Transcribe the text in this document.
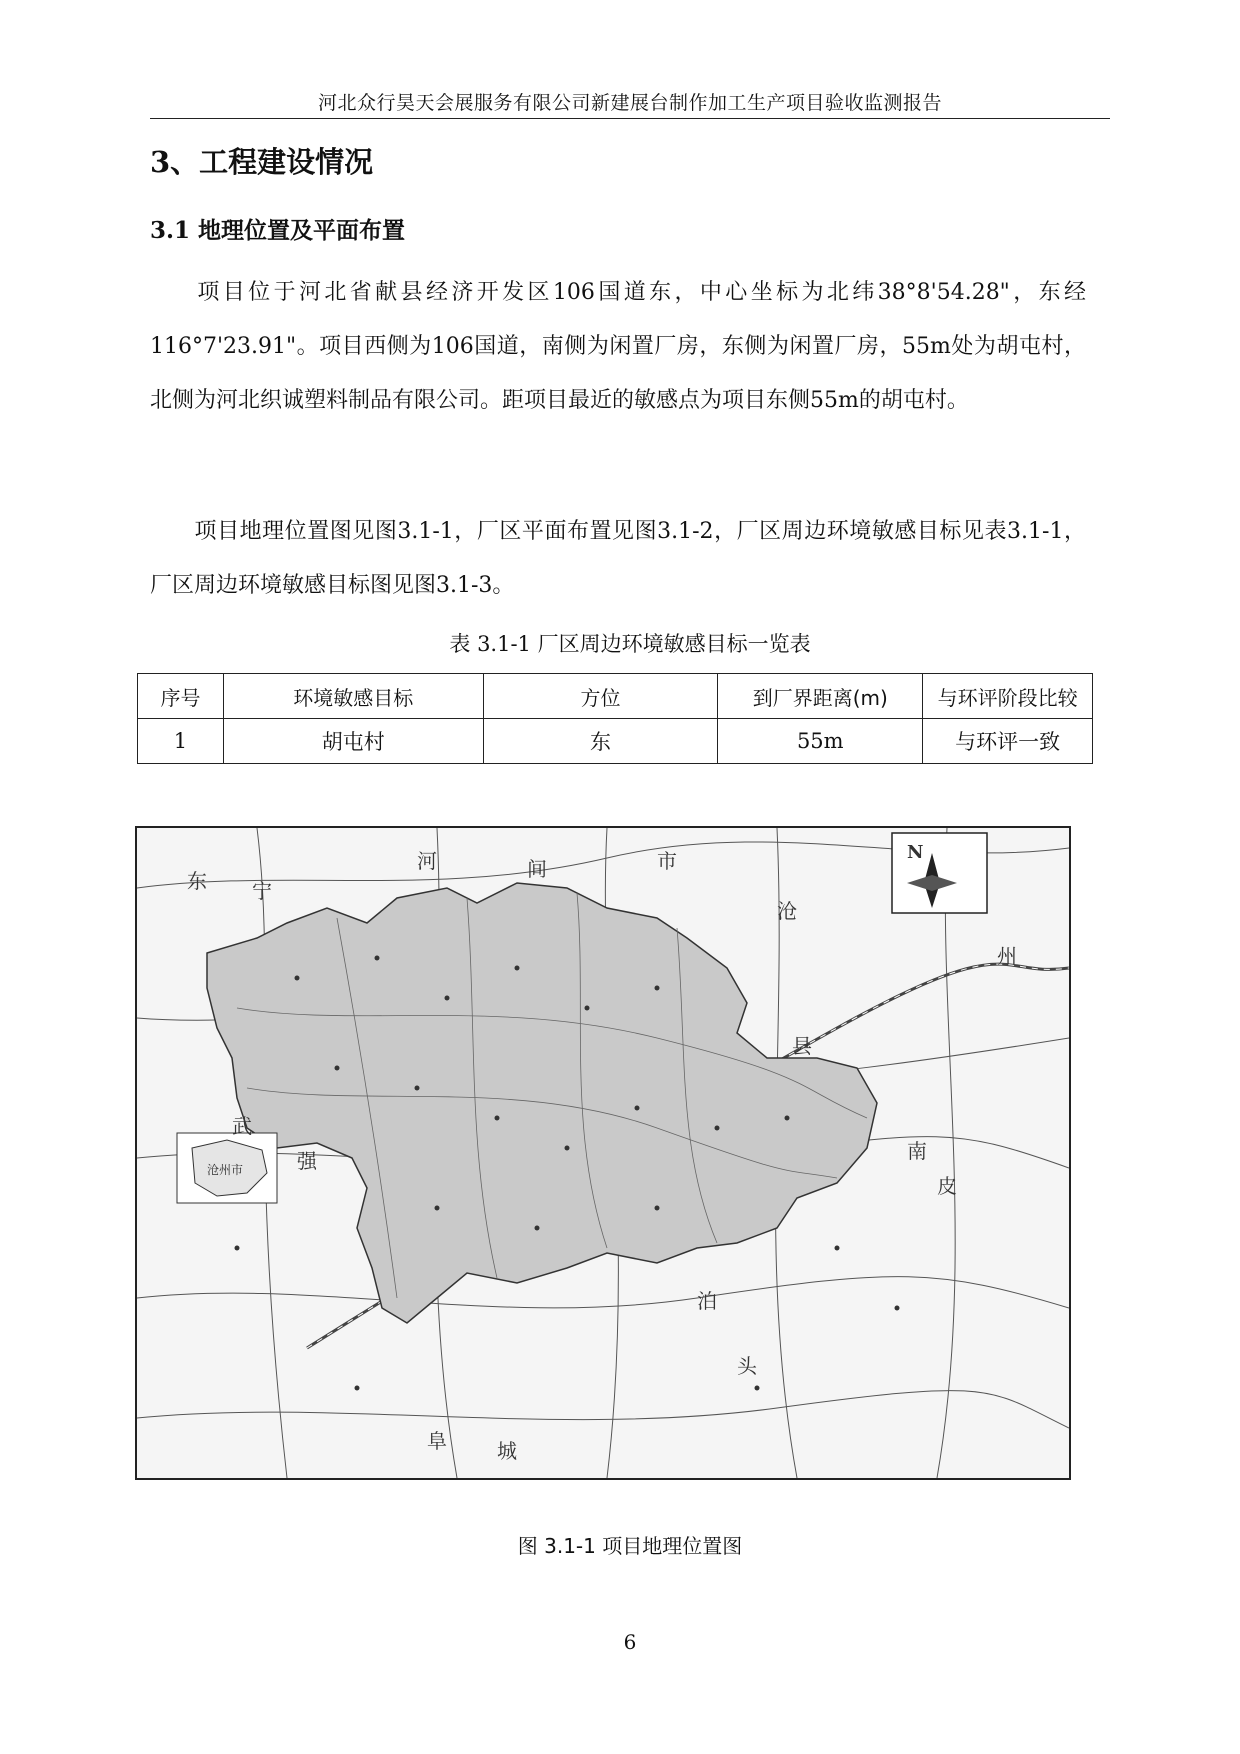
河北众行昊天会展服务有限公司新建展台制作加工生产项目验收监测报告
3、工程建设情况
3.1 地理位置及平面布置
项目位于河北省献县经济开发区106国道东，中心坐标为北纬38°8'54.28"，东经116°7'23.91"。项目西侧为106国道，南侧为闲置厂房，东侧为闲置厂房，55m处为胡屯村，北侧为河北织诚塑料制品有限公司。距项目最近的敏感点为项目东侧55m的胡屯村。
项目地理位置图见图3.1-1，厂区平面布置见图3.1-2，厂区周边环境敏感目标见表3.1-1，厂区周边环境敏感目标图见图3.1-3。
表 3.1-1 厂区周边环境敏感目标一览表
序号	环境敏感目标	方位	到厂界距离(m)	与环评阶段比较
1	胡屯村	东	55m	与环评一致
沧州市
N
河	间	市
沧
州
县
宁
东
武
强
阜	城
泊
头
南
皮
图 3.1-1 项目地理位置图
6
